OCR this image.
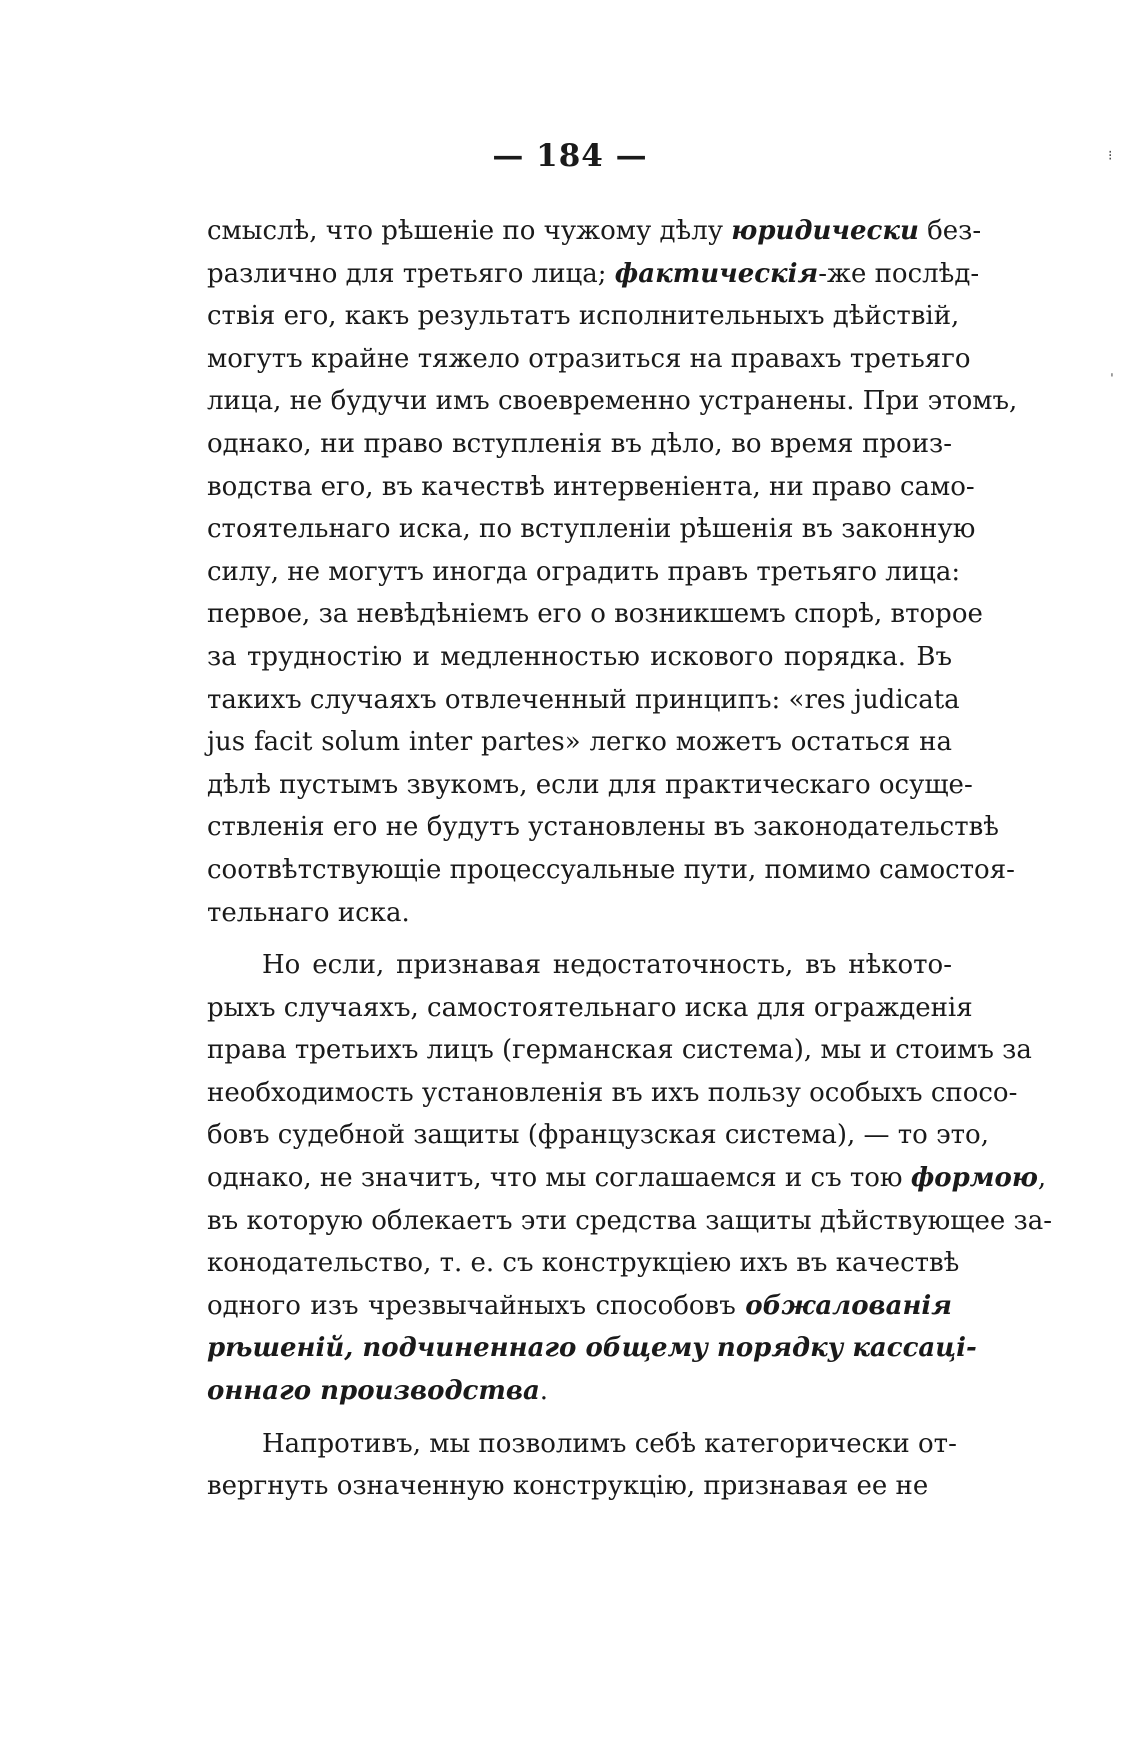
— 184 —
смыслѣ, что рѣшеніе по чужому дѣлу юридически без-
различно для третьяго лица; фактическія-же послѣд-
ствія его, какъ результатъ исполнительныхъ дѣйствій,
могутъ крайне тяжело отразиться на правахъ третьяго
лица, не будучи имъ своевременно устранены. При этомъ,
однако, ни право вступленія въ дѣло, во время произ-
водства его, въ качествѣ интервеніента, ни право само-
стоятельнаго иска, по вступленіи рѣшенія въ законную
силу, не могутъ иногда оградить правъ третьяго лица:
первое, за невѣдѣніемъ его о возникшемъ спорѣ, второе
за трудностію и медленностью искового порядка. Въ
такихъ случаяхъ отвлеченный принципъ: «res judicata
jus facit solum inter partes» легко можетъ остаться на
дѣлѣ пустымъ звукомъ, если для практическаго осуще-
ствленія его не будутъ установлены въ законодательствѣ
соотвѣтствующіе процессуальные пути, помимо самостоя-
тельнаго иска.
Но если, признавая недостаточность, въ нѣкото-
рыхъ случаяхъ, самостоятельнаго иска для огражденія
права третьихъ лицъ (германская система), мы и стоимъ за
необходимость установленія въ ихъ пользу особыхъ спосо-
бовъ судебной защиты (французская система), — то это,
однако, не значитъ, что мы соглашаемся и съ тою формою,
въ которую облекаетъ эти средства защиты дѣйствующее за-
конодательство, т. е. съ конструкціею ихъ въ качествѣ
одного изъ чрезвычайныхъ способовъ обжалованія
рѣшеній, подчиненнаго общему порядку кассаці-
оннаго производства.
Напротивъ, мы позволимъ себѣ категорически от-
вергнуть означенную конструкцію, признавая ее не
⁝
ˈ
